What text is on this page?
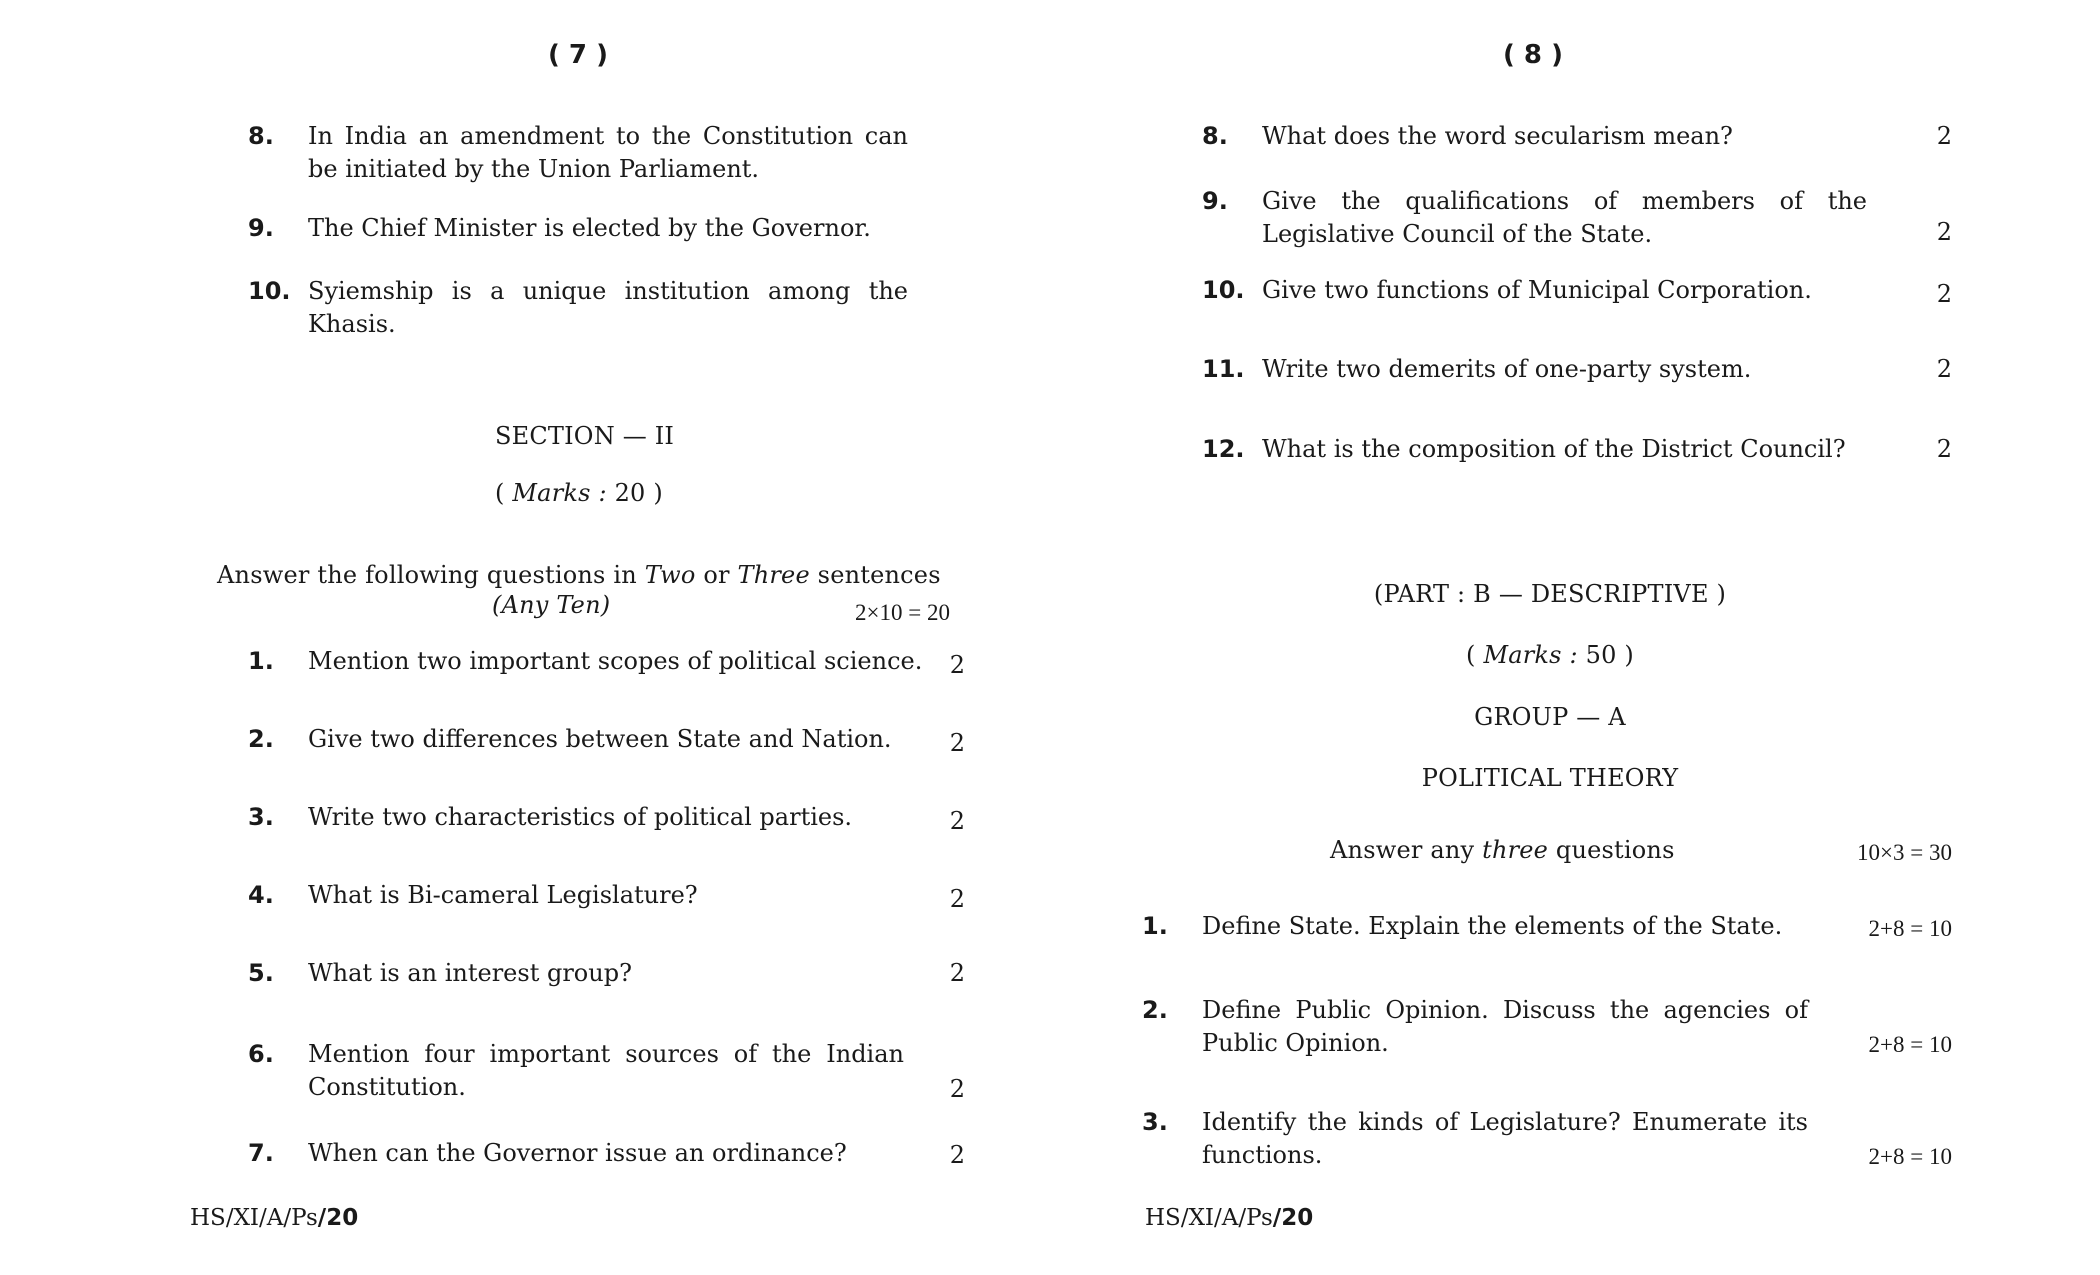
( 7 )
8. In India an amendment to the Constitution can be initiated by the Union Parliament.
9. The Chief Minister is elected by the Governor.
10. Syiemship is a unique institution among the Khasis.
SECTION — II
( Marks : 20 )
Answer the following questions in Two or Three sentences
(Any Ten)	2×10 = 20
1. Mention two important scopes of political science.	2
2. Give two differences between State and Nation.	2
3. Write two characteristics of political parties.	2
4. What is Bi-cameral Legislature?	2
5. What is an interest group?	2
6. Mention four important sources of the Indian Constitution.	2
7. When can the Governor issue an ordinance?	2
HS/XI/A/Ps/20
( 8 )
8. What does the word secularism mean?	2
9. Give the qualifications of members of the Legislative Council of the State.	2
10. Give two functions of Municipal Corporation.	2
11. Write two demerits of one-party system.	2
12. What is the composition of the District Council?	2
(PART : B — DESCRIPTIVE )
( Marks : 50 )
GROUP — A
POLITICAL THEORY
Answer any three questions	10×3 = 30
1. Define State. Explain the elements of the State.	2+8 = 10
2. Define Public Opinion. Discuss the agencies of Public Opinion.	2+8 = 10
3. Identify the kinds of Legislature? Enumerate its functions.	2+8 = 10
HS/XI/A/Ps/20
